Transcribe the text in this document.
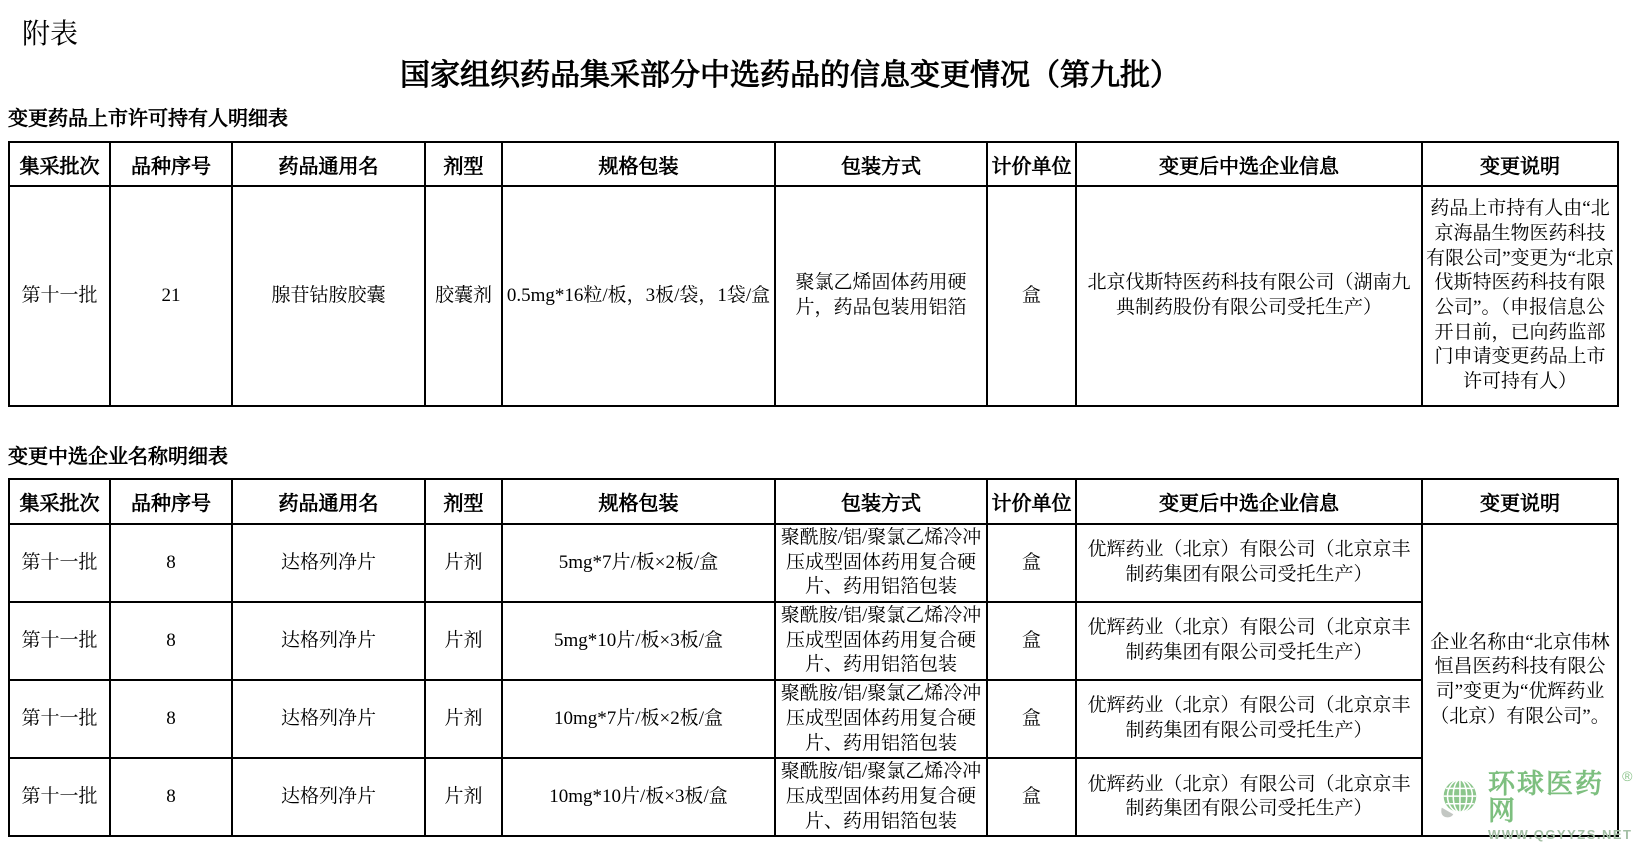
附表
国家组织药品集采部分中选药品的信息变更情况（第九批）
变更药品上市许可持有人明细表
集采批次	品种序号	药品通用名	剂型	规格包装	包装方式	计价单位	变更后中选企业信息	变更说明
第十一批	21	腺苷钴胺胶囊	胶囊剂	0.5mg*16粒/板，3板/袋，1袋/盒	聚氯乙烯固体药用硬片，药品包装用铝箔	盒	北京伐斯特医药科技有限公司（湖南九典制药股份有限公司受托生产）	药品上市持有人由“北京海晶生物医药科技有限公司”变更为“北京伐斯特医药科技有限公司”。（申报信息公开日前，已向药监部门申请变更药品上市许可持有人）
变更中选企业名称明细表
集采批次	品种序号	药品通用名	剂型	规格包装	包装方式	计价单位	变更后中选企业信息	变更说明
第十一批	8	达格列净片	片剂	5mg*7片/板×2板/盒	聚酰胺/铝/聚氯乙烯冷冲压成型固体药用复合硬片、药用铝箔包装	盒	优辉药业（北京）有限公司（北京京丰制药集团有限公司受托生产）	企业名称由“北京伟林恒昌医药科技有限公司”变更为“优辉药业（北京）有限公司”。
第十一批	8	达格列净片	片剂	5mg*10片/板×3板/盒	聚酰胺/铝/聚氯乙烯冷冲压成型固体药用复合硬片、药用铝箔包装	盒	优辉药业（北京）有限公司（北京京丰制药集团有限公司受托生产）	
第十一批	8	达格列净片	片剂	10mg*7片/板×2板/盒	聚酰胺/铝/聚氯乙烯冷冲压成型固体药用复合硬片、药用铝箔包装	盒	优辉药业（北京）有限公司（北京京丰制药集团有限公司受托生产）	
第十一批	8	达格列净片	片剂	10mg*10片/板×3板/盒	聚酰胺/铝/聚氯乙烯冷冲压成型固体药用复合硬片、药用铝箔包装	盒	优辉药业（北京）有限公司（北京京丰制药集团有限公司受托生产）	
环球医药网
®
WWW.QGYYZS.NET
